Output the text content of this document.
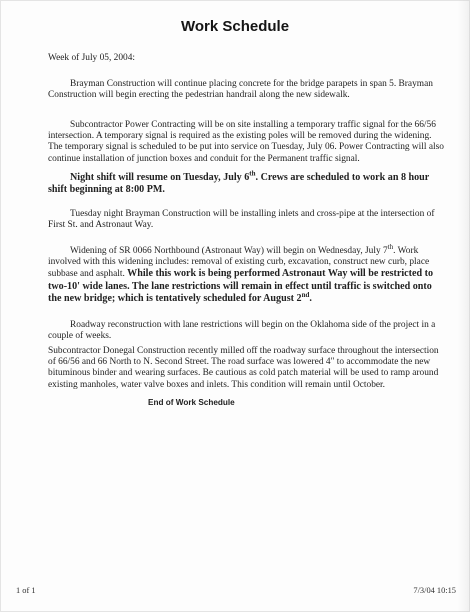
Work Schedule
Week of July 05, 2004:
Brayman Construction will continue placing concrete for the bridge parapets in span 5. Brayman Construction will begin erecting the pedestrian handrail along the new sidewalk.
Subcontractor Power Contracting will be on site installing a temporary traffic signal for the 66/56 intersection. A temporary signal is required as the existing poles will be removed during the widening. The temporary signal is scheduled to be put into service on Tuesday, July 06. Power Contracting will also continue installation of junction boxes and conduit for the Permanent traffic signal.
Night shift will resume on Tuesday, July 6th. Crews are scheduled to work an 8 hour shift beginning at 8:00 PM.
Tuesday night Brayman Construction will be installing inlets and cross-pipe at the intersection of First St. and Astronaut Way.
Widening of SR 0066 Northbound (Astronaut Way) will begin on Wednesday, July 7th. Work involved with this widening includes: removal of existing curb, excavation, construct new curb, place subbase and asphalt. While this work is being performed Astronaut Way will be restricted to two-10' wide lanes. The lane restrictions will remain in effect until traffic is switched onto the new bridge; which is tentatively scheduled for August 2nd.
Roadway reconstruction with lane restrictions will begin on the Oklahoma side of the project in a couple of weeks.
Subcontractor Donegal Construction recently milled off the roadway surface throughout the intersection of 66/56 and 66 North to N. Second Street. The road surface was lowered 4" to accommodate the new bituminous binder and wearing surfaces. Be cautious as cold patch material will be used to ramp around existing manholes, water valve boxes and inlets. This condition will remain until October.
End of Work Schedule
1 of 1	7/3/04 10:15
